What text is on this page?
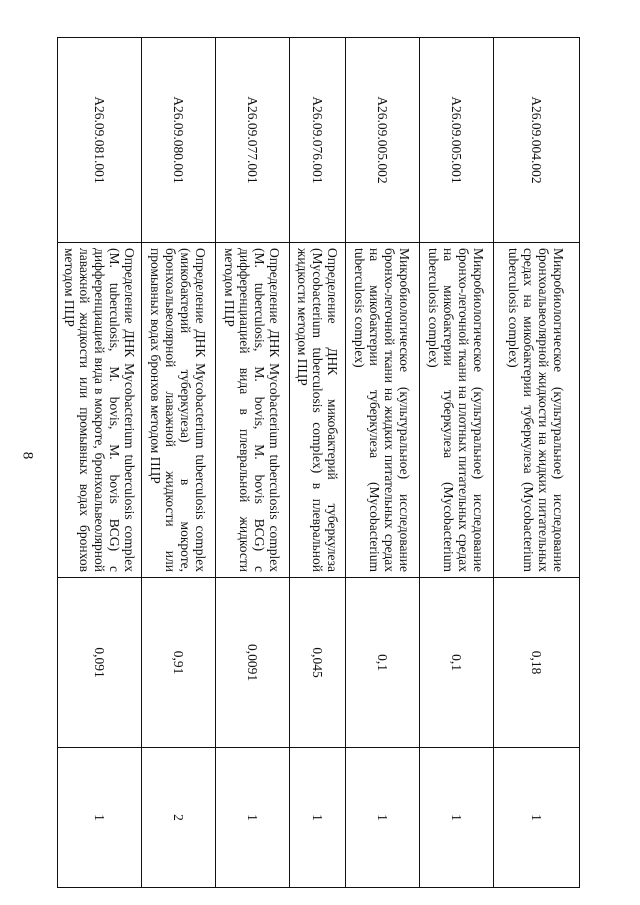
8
A26.09.004.002	Микробиологическое (культуральное) исследование бронхоальвеолярной жидкости на жидких питательных средах на микобактерии туберкулеза (Mycobacterium tuberculosis complex)	0,18	1
A26.09.005.001	Микробиологическое (культуральное) исследование бронхо-легочной ткани на плотных питательных средах на микобактерии туберкулеза (Mycobacterium tuberculosis complex)	0,1	1
A26.09.005.002	Микробиологическое (культуральное) исследование бронхо-легочной ткани на жидких питательных средах на микобактерии туберкулеза (Mycobacterium tuberculosis complex)	0,1	1
A26.09.076.001	Определение ДНК микобактерий туберкулеза (Mycobacterium tuberculosis complex) в плевральной жидкости методом ПЦР	0,045	1
A26.09.077.001	Определение ДНК Mycobacterium tuberculosis complex (M. tuberculosis, M. bovis, M. bovis BCG) с дифференциацией вида в плевральной жидкости методом ПЦР	0,0091	1
A26.09.080.001	Определение ДНК Mycobacterium tuberculosis complex (микобактерий туберкулеза) в мокроте, бронхоальвеолярной лаважной жидкости или промывных водах бронхов методом ПЦР	0,91	2
A26.09.081.001	Определение ДНК Mycobacterium tuberculosis complex (M. tuberculosis, M. bovis, M. bovis BCG) с дифференциацией вида в мокроте, бронхоальвеолярной лаважной жидкости или промывных водах бронхов методом ПЦР	0,091	1
